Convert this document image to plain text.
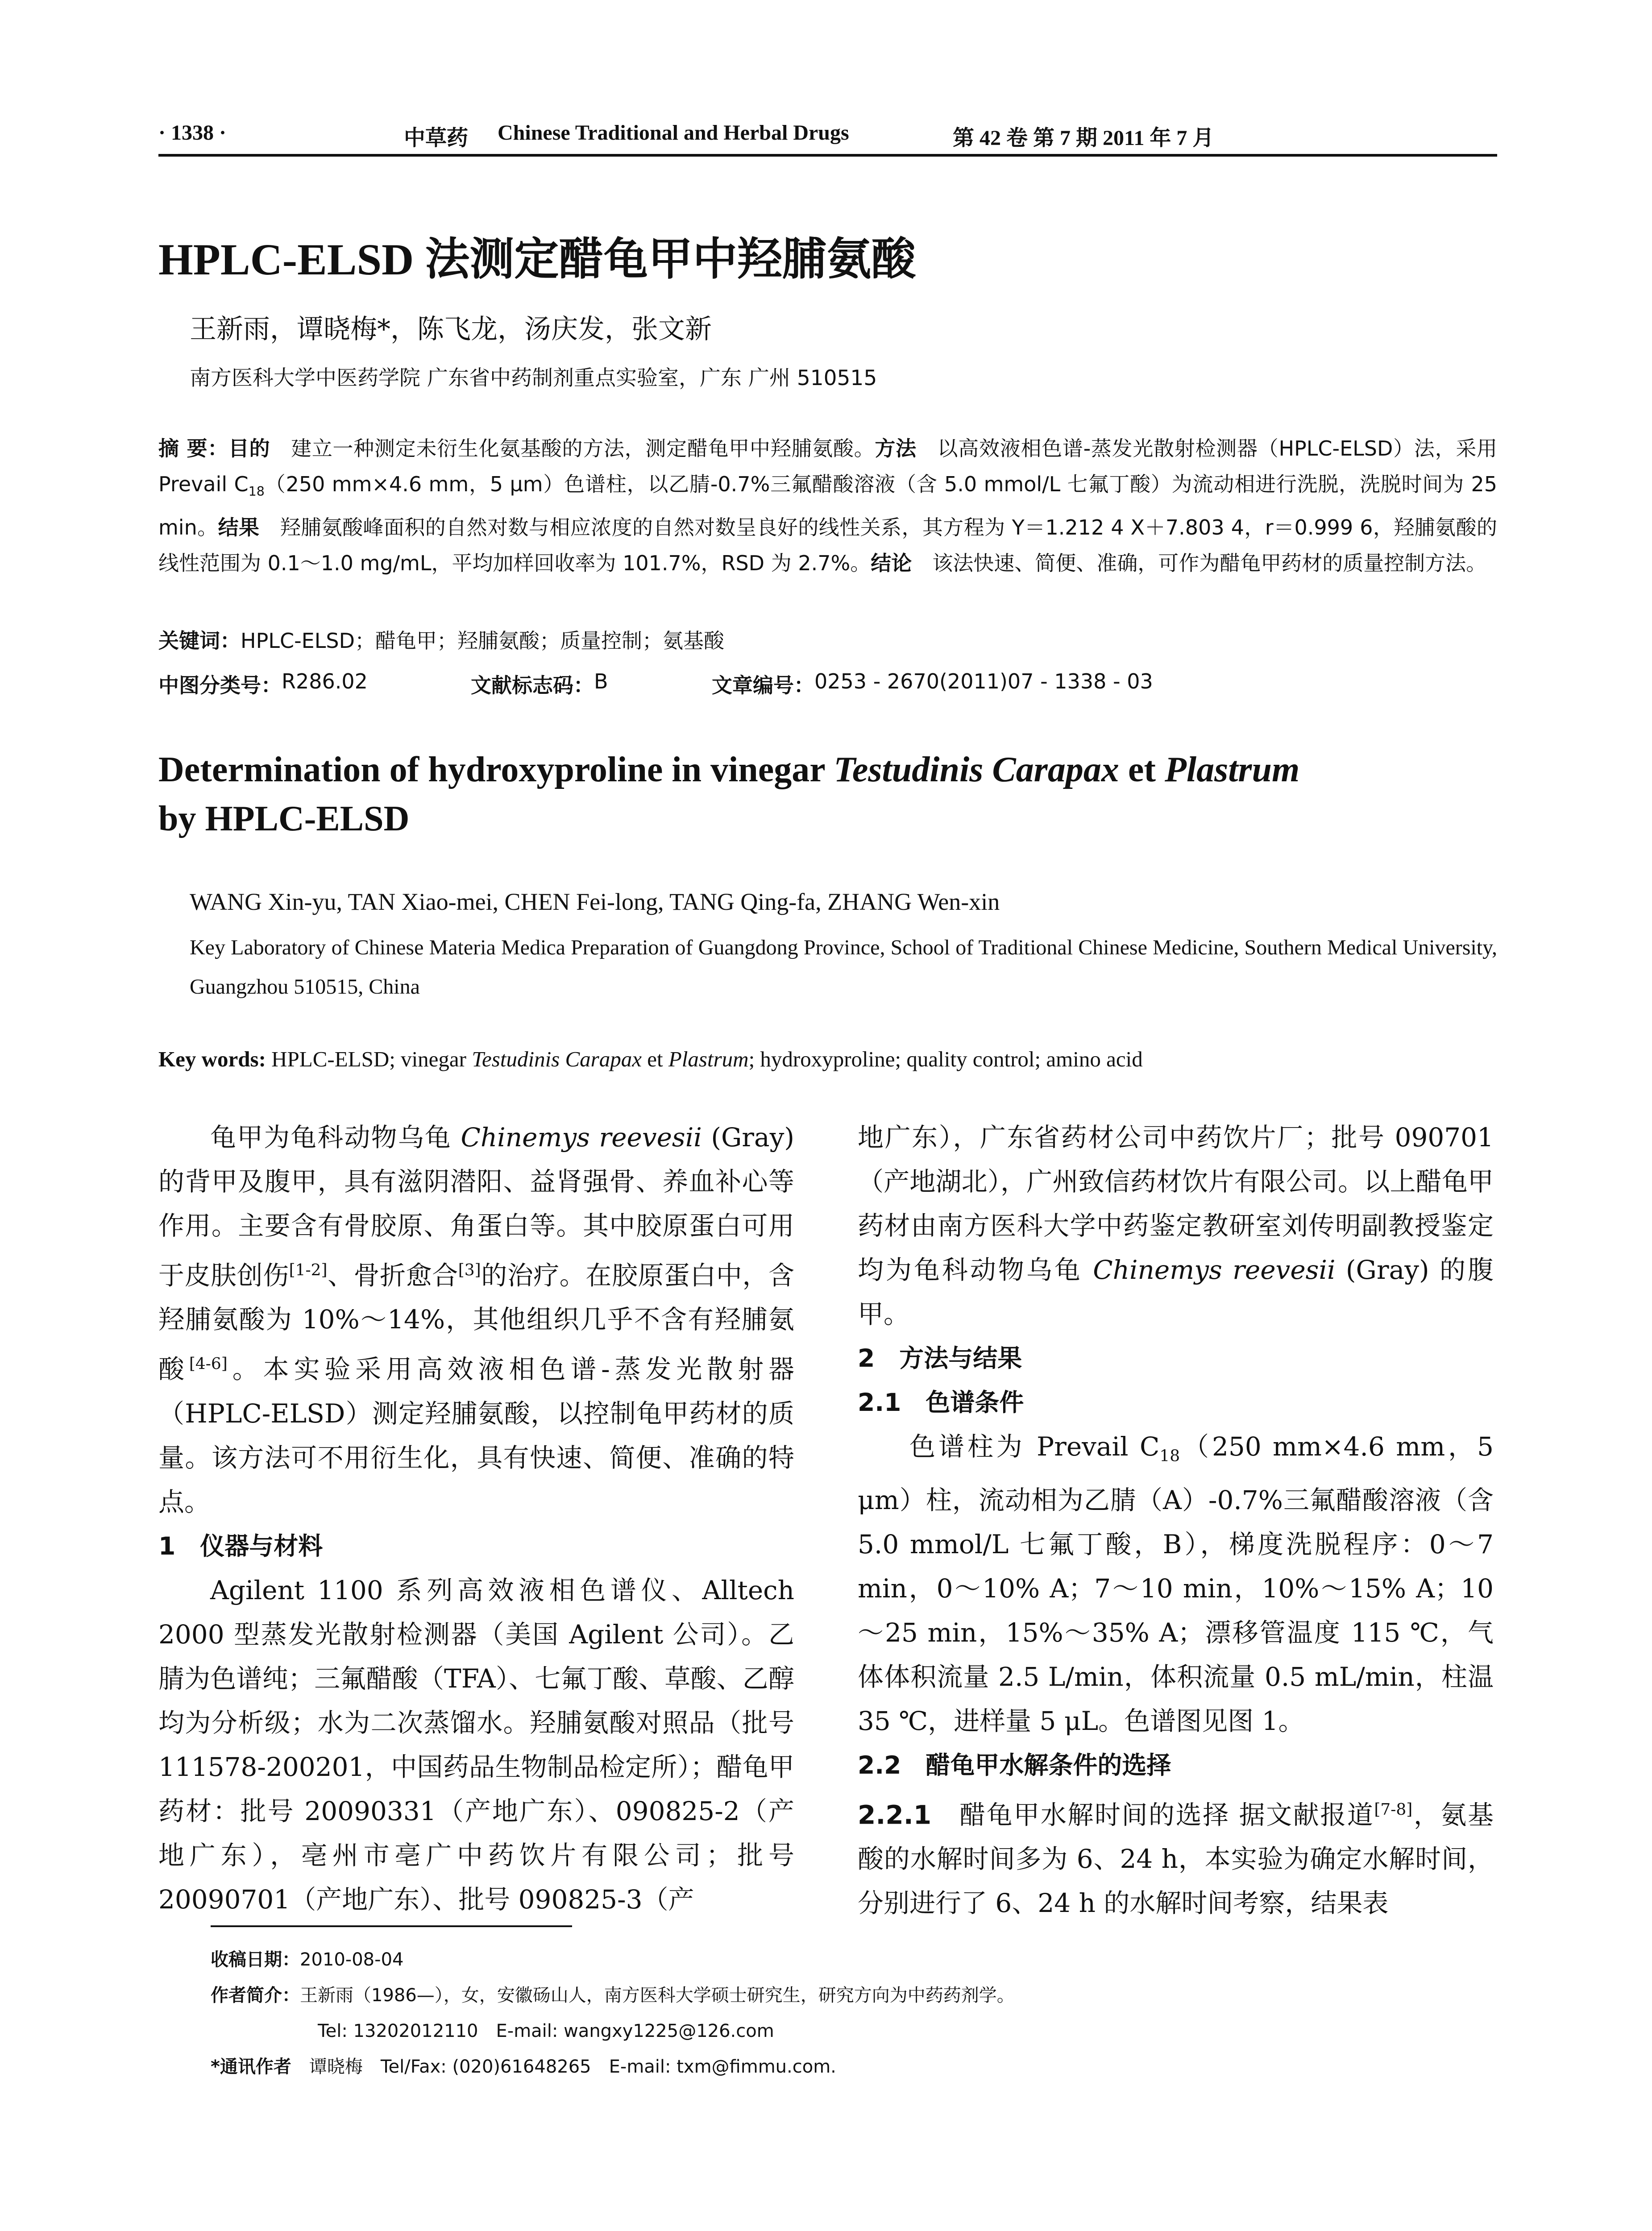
· 1338 ·	中草药 Chinese Traditional and Herbal Drugs	第 42 卷 第 7 期 2011 年 7 月
HPLC-ELSD 法测定醋龟甲中羟脯氨酸
王新雨，谭晓梅*，陈飞龙，汤庆发，张文新
南方医科大学中医药学院 广东省中药制剂重点实验室，广东 广州 510515
摘 要：目的　 建立一种测定未衍生化氨基酸的方法，测定醋龟甲中羟脯氨酸。方法　 以高效液相色谱-蒸发光散射检测器（HPLC-ELSD）法，采用 Prevail $C_{18}(250$ mm×4.6 mm，5 μm）色谱柱，以乙腈-0.7%三氟醋酸溶液（含 5.0 mmol/L 七氟丁酸）为流动相进行洗脱，洗脱时间为 25 min。结果　 羟脯氨酸峰面积的自然对数与相应浓度的自然对数呈良好的线性关系，其方程为 Y＝1.212 4 X＋7.803 4，r＝0.999 6，羟脯氨酸的线性范围为 0.1～1.0 mg/mL，平均加样回收率为 101.7%，RSD 为 2.7%。结论　 该法快速、简便、准确，可作为醋龟甲药材的质量控制方法。
关键词：HPLC-ELSD；醋龟甲；羟脯氨酸；质量控制；氨基酸
中图分类号： R286.02	文献标志码： B	文章编号： 0253 - 2670(2011)07 - 1338 - 03
Determination of hydroxyproline in vinegar Testudinis Carapax et Plastrum
by HPLC-ELSD
WANG Xin-yu, TAN Xiao-mei, CHEN Fei-long, TANG Qing-fa, ZHANG Wen-xin
Key Laboratory of Chinese Materia Medica Preparation of Guangdong Province, School of Traditional Chinese Medicine, Southern Medical University, Guangzhou 510515, China
Key words: HPLC-ELSD; vinegar Testudinis Carapax et Plastrum; hydroxyproline; quality control; amino acid

龟甲为龟科动物乌龟 Chinemys reevesii (Gray) 的背甲及腹甲，具有滋阴潜阳、益肾强骨、养血补心等作用。主要含有骨胶原、角蛋白等。其中胶原蛋白可用于皮肤创伤[1-2]、骨折愈合[3]的治疗。在胶原蛋白中，含羟脯氨酸为 10%～14%，其他组织几乎不含有羟脯氨酸[4-6]。本实验采用高效液相色谱-蒸发光散射器（HPLC-ELSD）测定羟脯氨酸，以控制龟甲药材的质量。该方法可不用衍生化，具有快速、简便、准确的特点。

1　仪器与材料

Agilent 1100 系列高效液相色谱仪、Alltech 2000 型蒸发光散射检测器（美国 Agilent 公司）。乙腈为色谱纯；三氟醋酸（TFA）、七氟丁酸、草酸、乙醇均为分析级；水为二次蒸馏水。羟脯氨酸对照品（批号 111578-200201，中国药品生物制品检定所）；醋龟甲药材：批号 20090331（产地广东）、090825-2（产地广东），亳州市亳广中药饮片有限公司；批号 20090701（产地广东）、批号 090825-3（产

地广东），广东省药材公司中药饮片厂；批号 090701（产地湖北），广州致信药材饮片有限公司。以上醋龟甲药材由南方医科大学中药鉴定教研室刘传明副教授鉴定均为龟科动物乌龟 Chinemys reevesii (Gray) 的腹甲。

2　方法与结果

2.1　色谱条件

色谱柱为 Prevail $C_{18}(250$ mm×4.6 mm，5 μm）柱，流动相为乙腈（A）-0.7%三氟醋酸溶液（含 5.0 mmol/L 七氟丁酸，B），梯度洗脱程序：0～7 min，0～10% A；7～10 min，10%～15% A；10～25 min，15%～35% A；漂移管温度 115 ℃，气体体积流量 2.5 L/min，体积流量 0.5 mL/min，柱温 35 ℃，进样量 5 μL。色谱图见图 1。

2.2　醋龟甲水解条件的选择

2.2.1　 醋龟甲水解时间的选择 据文献报道[7-8]，氨基酸的水解时间多为 6、24 h，本实验为确定水解时间，分别进行了 6、24 h 的水解时间考察，结果表

收稿日期：2010-08-04
作者简介：王新雨（1986—），女，安徽砀山人，南方医科大学硕士研究生，研究方向为中药药剂学。
Tel: 13202012110　E-mail: wangxy1225@126.com
*通讯作者　 谭晓梅　Tel/Fax: (020)61648265　E-mail: txm@fimmu.com.
